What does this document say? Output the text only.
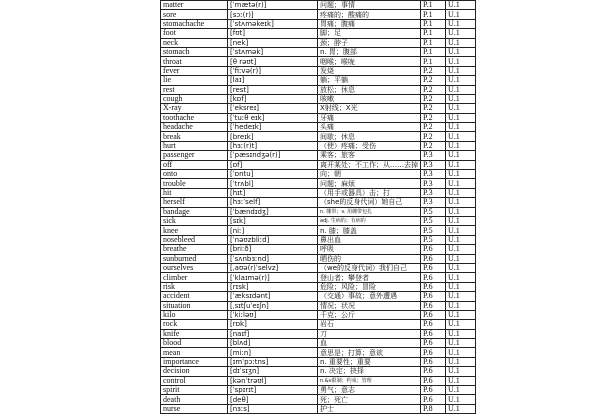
matter	[ˈmætə(r)]	问题；事情	P.1	U.1
sore	[sɔː(r)]	疼痛的；酸痛的	P.1	U.1
stomachache	[ˈstʌməkeɪk]	胃痛；腹痛	P.1	U.1
foot	[fʊt]	脚；足	P.1	U.1
neck	[nek]	颈；脖子	P.1	U.1
stomach	[ˈstʌmək]	n. 胃；腹部	P.1	U.1
throat	[θ rəʊt]	咽喉；喉咙	P.1	U.1
fever	[ˈfiːvə(r)]	发烧	P.2	U.1
lie	[laɪ]	躺；平躺	P.2	U.1
rest	[rest]	放松；休息	P.2	U.1
cough	[kɒf]	咳嗽	P.2	U.1
X-ray	[ˈeksreɪ]	X射线；X光	P.2	U.1
toothache	[ˈtuːθ eɪk]	牙痛	P.2	U.1
headache	[ˈhedeɪk]	头痛	P.2	U.1
break	[breɪk]	间歇；休息	P.2	U.1
hurt	[hɜː(r)t]	（使）疼痛；受伤	P.2	U.1
passenger	[ˈpæsɪndʒə(r)]	乘客；旅客	P.3	U.1
off	[ɒf]	离开某处；不工作；从……去掉	P.3	U.1
onto	[ˈɒntu]	向；朝	P.3	U.1
trouble	[ˈtrʌbl]	问题；麻烦	P.3	U.1
hit	[hɪt]	（用手或器具）击；打	P.3	U.1
herself	[hɜːˈself]	（she的反身代词）她自己	P.3	U.1
bandage	[ˈbændɪdʒ]	n. 绷带；v. 用绷带包扎	P.5	U.1
sick	[sɪk]	adj. 生病的；有病的	P.5	U.1
knee	[niː]	n. 膝；膝盖	P.5	U.1
nosebleed	[ˈnəʊzbliːd]	鼻出血	P.5	U.1
breathe	[briːð]	呼吸	P.6	U.1
sunburned	[ˈsʌnbɜːnd]	晒伤的	P.6	U.1
ourselves	[ˌaʊə(r)ˈselvz]	（we的反身代词）我们自己	P.6	U.1
climber	[ˈklaɪmə(r)]	登山者；攀登者	P.6	U.1
risk	[rɪsk]	危险；风险；冒险	P.6	U.1
accident	[ˈæksɪdənt]	（交通）事故；意外遭遇	P.6	U.1
situation	[ˌsɪtʃuˈeɪʃn]	情况；状况	P.6	U.1
kilo	[ˈkiːləʊ]	千克；公斤	P.6	U.1
rock	[rɒk]	岩石	P.6	U.1
knife	[naɪf]	刀	P.6	U.1
blood	[blʌd]	血	P.6	U.1
mean	[miːn]	意思是；打算；意欲	P.6	U.1
importance	[ɪmˈpɔːtns]	n. 重要性；重要	P.6	U.1
decision	[dɪˈsɪʒn]	n. 决定；抉择	P.6	U.1
control	[kənˈtrəʊl]	n.&v限制；约束；管理	P.6	U.1
spirit	[ˈspɪrɪt]	勇气；意志	P.6	U.1
death	[deθ]	死；死亡	P.6	U.1
nurse	[nɜːs]	护士	P.8	U.1
